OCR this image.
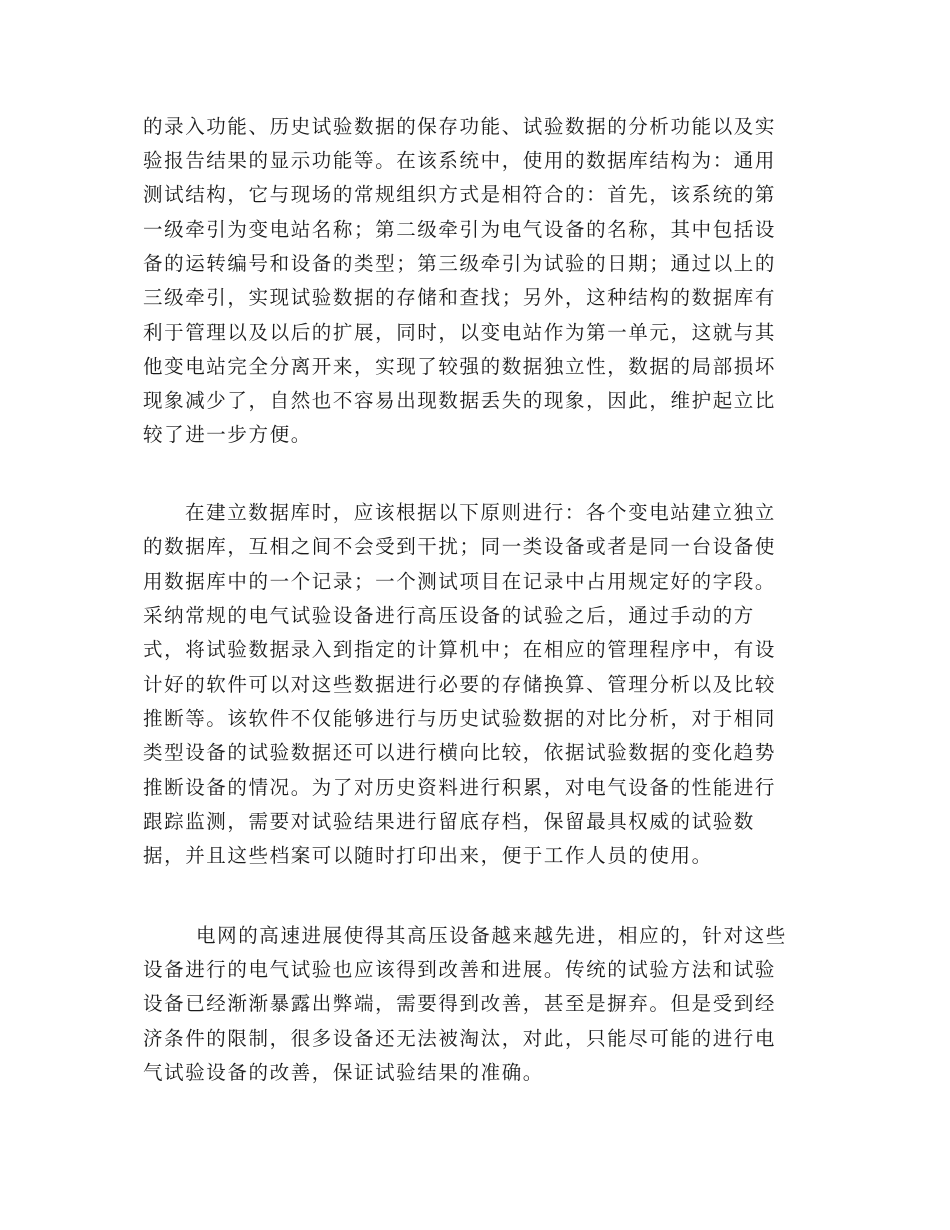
的录入功能、历史试验数据的保存功能、试验数据的分析功能以及实
验报告结果的显示功能等。在该系统中，使用的数据库结构为：通用
测试结构，它与现场的常规组织方式是相符合的：首先，该系统的第
一级牵引为变电站名称；第二级牵引为电气设备的名称，其中包括设
备的运转编号和设备的类型；第三级牵引为试验的日期；通过以上的
三级牵引，实现试验数据的存储和查找；另外，这种结构的数据库有
利于管理以及以后的扩展，同时，以变电站作为第一单元，这就与其
他变电站完全分离开来，实现了较强的数据独立性，数据的局部损坏
现象减少了，自然也不容易出现数据丢失的现象，因此，维护起立比
较了进一步方便。
在建立数据库时，应该根据以下原则进行：各个变电站建立独立
的数据库，互相之间不会受到干扰；同一类设备或者是同一台设备使
用数据库中的一个记录；一个测试项目在记录中占用规定好的字段。
采纳常规的电气试验设备进行高压设备的试验之后，通过手动的方
式，将试验数据录入到指定的计算机中；在相应的管理程序中，有设
计好的软件可以对这些数据进行必要的存储换算、管理分析以及比较
推断等。该软件不仅能够进行与历史试验数据的对比分析，对于相同
类型设备的试验数据还可以进行横向比较，依据试验数据的变化趋势
推断设备的情况。为了对历史资料进行积累，对电气设备的性能进行
跟踪监测，需要对试验结果进行留底存档，保留最具权威的试验数
据，并且这些档案可以随时打印出来，便于工作人员的使用。
电网的高速进展使得其高压设备越来越先进，相应的，针对这些
设备进行的电气试验也应该得到改善和进展。传统的试验方法和试验
设备已经渐渐暴露出弊端，需要得到改善，甚至是摒弃。但是受到经
济条件的限制，很多设备还无法被淘汰，对此，只能尽可能的进行电
气试验设备的改善，保证试验结果的准确。
